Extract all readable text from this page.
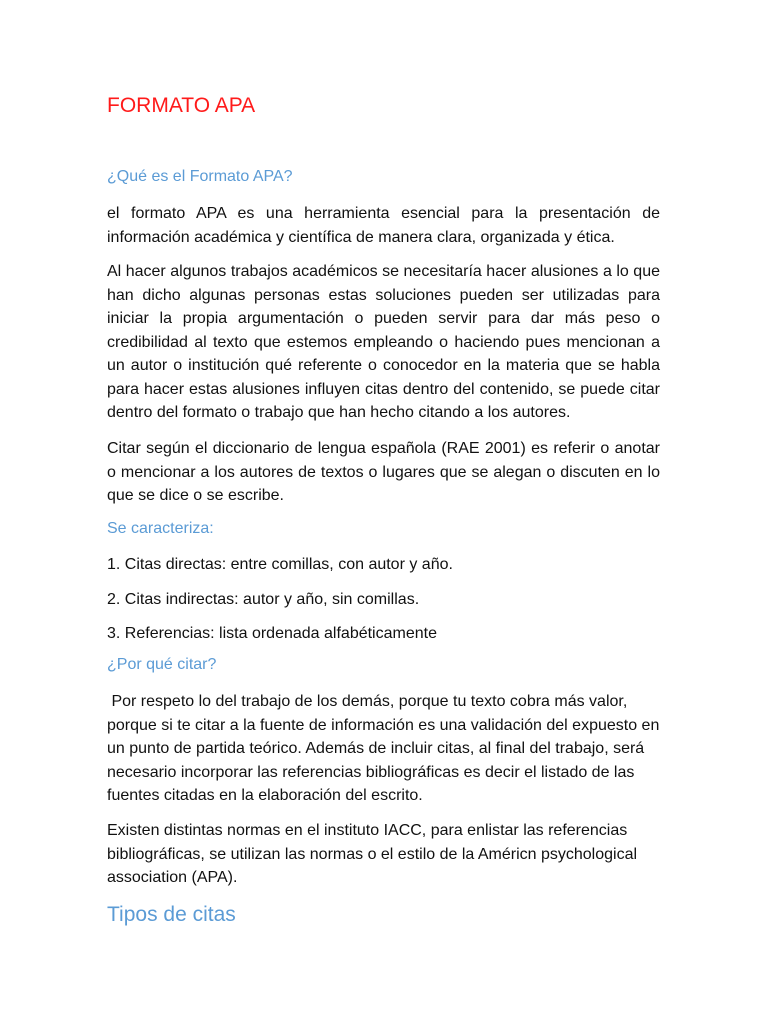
FORMATO APA
¿Qué es el Formato APA?

el formato APA es una herramienta esencial para la presentación de información académica y científica de manera clara, organizada y ética.

Al hacer algunos trabajos académicos se necesitaría hacer alusiones a lo que han dicho algunas personas estas soluciones pueden ser utilizadas para iniciar la propia argumentación o pueden servir para dar más peso o credibilidad al texto que estemos empleando o haciendo pues mencionan a un autor o institución qué referente o conocedor en la materia que se habla para hacer estas alusiones influyen citas dentro del contenido, se puede citar dentro del formato o trabajo que han hecho citando a los autores.

Citar según el diccionario de lengua española (RAE 2001) es referir o anotar o mencionar a los autores de textos o lugares que se alegan o discuten en lo que se dice o se escribe.

Se caracteriza:

1. Citas directas: entre comillas, con autor y año.

2. Citas indirectas: autor y año, sin comillas.

3. Referencias: lista ordenada alfabéticamente

¿Por qué citar?

Por respeto lo del trabajo de los demás, porque tu texto cobra más valor, porque si te citar a la fuente de información es una validación del expuesto en un punto de partida teórico. Además de incluir citas, al final del trabajo, será necesario incorporar las referencias bibliográficas es decir el listado de las fuentes citadas en la elaboración del escrito.

Existen distintas normas en el instituto IACC, para enlistar las referencias bibliográficas, se utilizan las normas o el estilo de la Américn psychological association (APA).

Tipos de citas
